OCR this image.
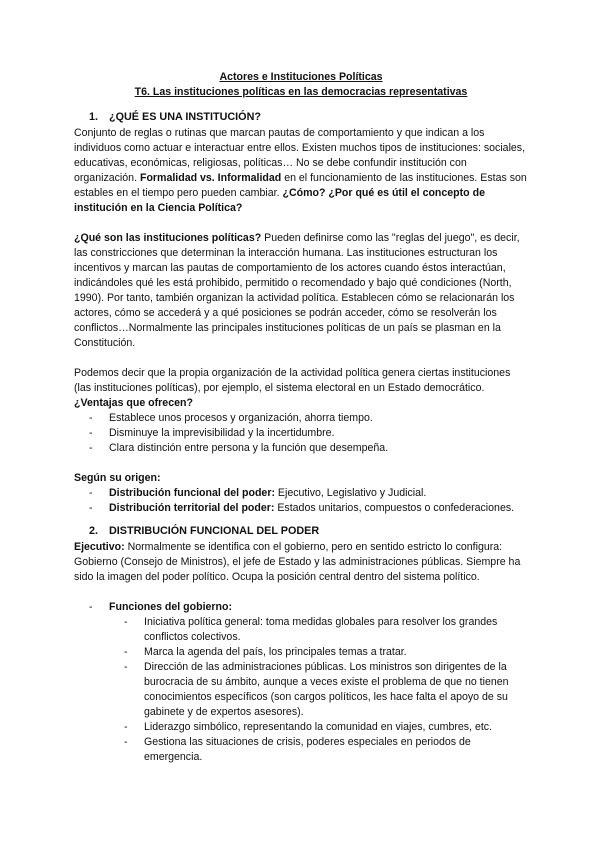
Actores e Instituciones Políticas

T6. Las instituciones políticas en las democracias representativas

1. ¿QUÉ ES UNA INSTITUCIÓN?

Conjunto de reglas o rutinas que marcan pautas de comportamiento y que indican a los individuos como actuar e interactuar entre ellos. Existen muchos tipos de instituciones: sociales, educativas, económicas, religiosas, políticas… No se debe confundir institución con organización. Formalidad vs. Informalidad en el funcionamiento de las instituciones. Estas son estables en el tiempo pero pueden cambiar. ¿Cómo? ¿Por qué es útil el concepto de institución en la Ciencia Política?

¿Qué son las instituciones políticas? Pueden definirse como las "reglas del juego", es decir, las constricciones que determinan la interacción humana. Las instituciones estructuran los incentivos y marcan las pautas de comportamiento de los actores cuando éstos interactúan, indicándoles qué les está prohibido, permitido o recomendado y bajo qué condiciones (North, 1990). Por tanto, también organizan la actividad política. Establecen cómo se relacionarán los actores, cómo se accederá y a qué posiciones se podrán acceder, cómo se resolverán los conflictos…Normalmente las principales instituciones políticas de un país se plasman en la Constitución.

Podemos decir que la propia organización de la actividad política genera ciertas instituciones (las instituciones políticas), por ejemplo, el sistema electoral en un Estado democrático. ¿Ventajas que ofrecen?

- Establece unos procesos y organización, ahorra tiempo.
- Disminuye la imprevisibilidad y la incertidumbre.
- Clara distinción entre persona y la función que desempeña.

Según su origen:

- Distribución funcional del poder: Ejecutivo, Legislativo y Judicial.
- Distribución territorial del poder: Estados unitarios, compuestos o confederaciones.
2. DISTRIBUCIÓN FUNCIONAL DEL PODER

Ejecutivo: Normalmente se identifica con el gobierno, pero en sentido estricto lo configura: Gobierno (Consejo de Ministros), el jefe de Estado y las administraciones públicas. Siempre ha sido la imagen del poder político. Ocupa la posición central dentro del sistema político.

- Funciones del gobierno:
- Iniciativa política general: toma medidas globales para resolver los grandes conflictos colectivos.
- Marca la agenda del país, los principales temas a tratar.
- Dirección de las administraciones públicas. Los ministros son dirigentes de la burocracia de su ámbito, aunque a veces existe el problema de que no tienen conocimientos específicos (son cargos políticos, les hace falta el apoyo de su gabinete y de expertos asesores).
- Liderazgo simbólico, representando la comunidad en viajes, cumbres, etc.
- Gestiona las situaciones de crisis, poderes especiales en periodos de emergencia.
